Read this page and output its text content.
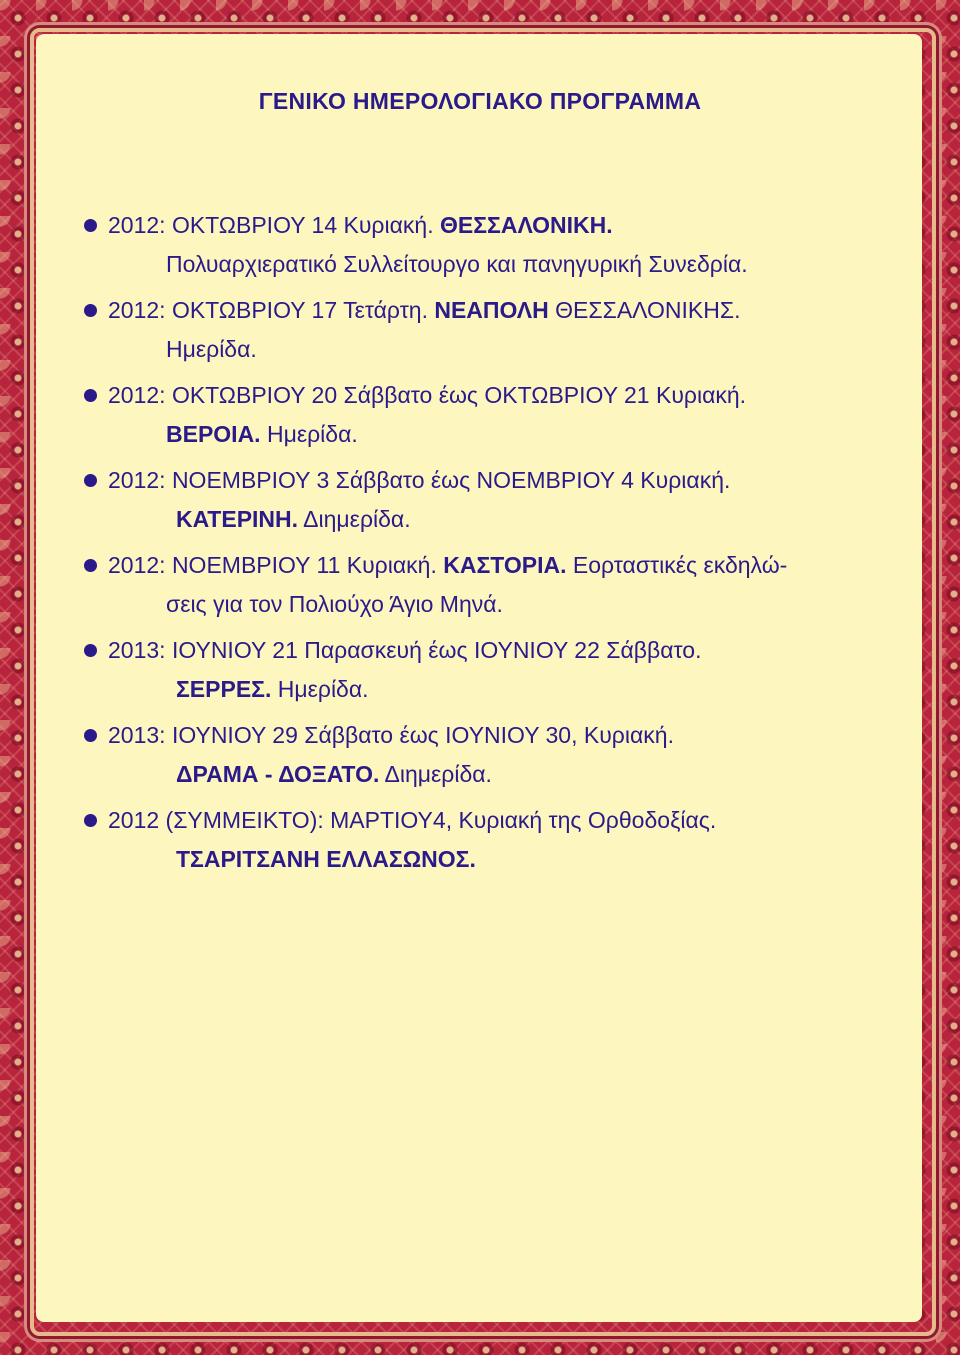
ΓΕΝΙΚΟ ΗΜΕΡΟΛΟΓΙΑΚΟ ΠΡΟΓΡΑΜΜΑ
2012: ΟΚΤΩΒΡΙΟΥ 14 Κυριακή. ΘΕΣΣΑΛΟΝΙΚΗ.
Πολυαρχιερατικό Συλλείτουργο και πανηγυρική Συνεδρία.
2012: ΟΚΤΩΒΡΙΟΥ 17 Τετάρτη. ΝΕΑΠΟΛΗ ΘΕΣΣΑΛΟΝΙΚΗΣ.
Ημερίδα.
2012: ΟΚΤΩΒΡΙΟΥ 20 Σάββατο έως ΟΚΤΩΒΡΙΟΥ 21 Κυριακή.
ΒΕΡΟΙΑ. Ημερίδα.
2012: ΝΟΕΜΒΡΙΟΥ 3 Σάββατο έως ΝΟΕΜΒΡΙΟΥ 4 Κυριακή.
ΚΑΤΕΡΙΝΗ. Διημερίδα.
2012: ΝΟΕΜΒΡΙΟΥ 11 Κυριακή. ΚΑΣΤΟΡΙΑ. Εορταστικές εκδηλώ-
σεις για τον Πολιούχο Άγιο Μηνά.
2013: ΙΟΥΝΙΟΥ 21 Παρασκευή έως ΙΟΥΝΙΟΥ 22 Σάββατο.
ΣΕΡΡΕΣ. Ημερίδα.
2013: ΙΟΥΝΙΟΥ 29 Σάββατο έως ΙΟΥΝΙΟΥ 30, Κυριακή.
ΔΡΑΜΑ - ΔΟΞΑΤΟ. Διημερίδα.
2012 (ΣΥΜΜΕΙΚΤΟ): ΜΑΡΤΙΟΥ4, Κυριακή της Ορθοδοξίας.
ΤΣΑΡΙΤΣΑΝΗ ΕΛΛΑΣΩΝΟΣ.
